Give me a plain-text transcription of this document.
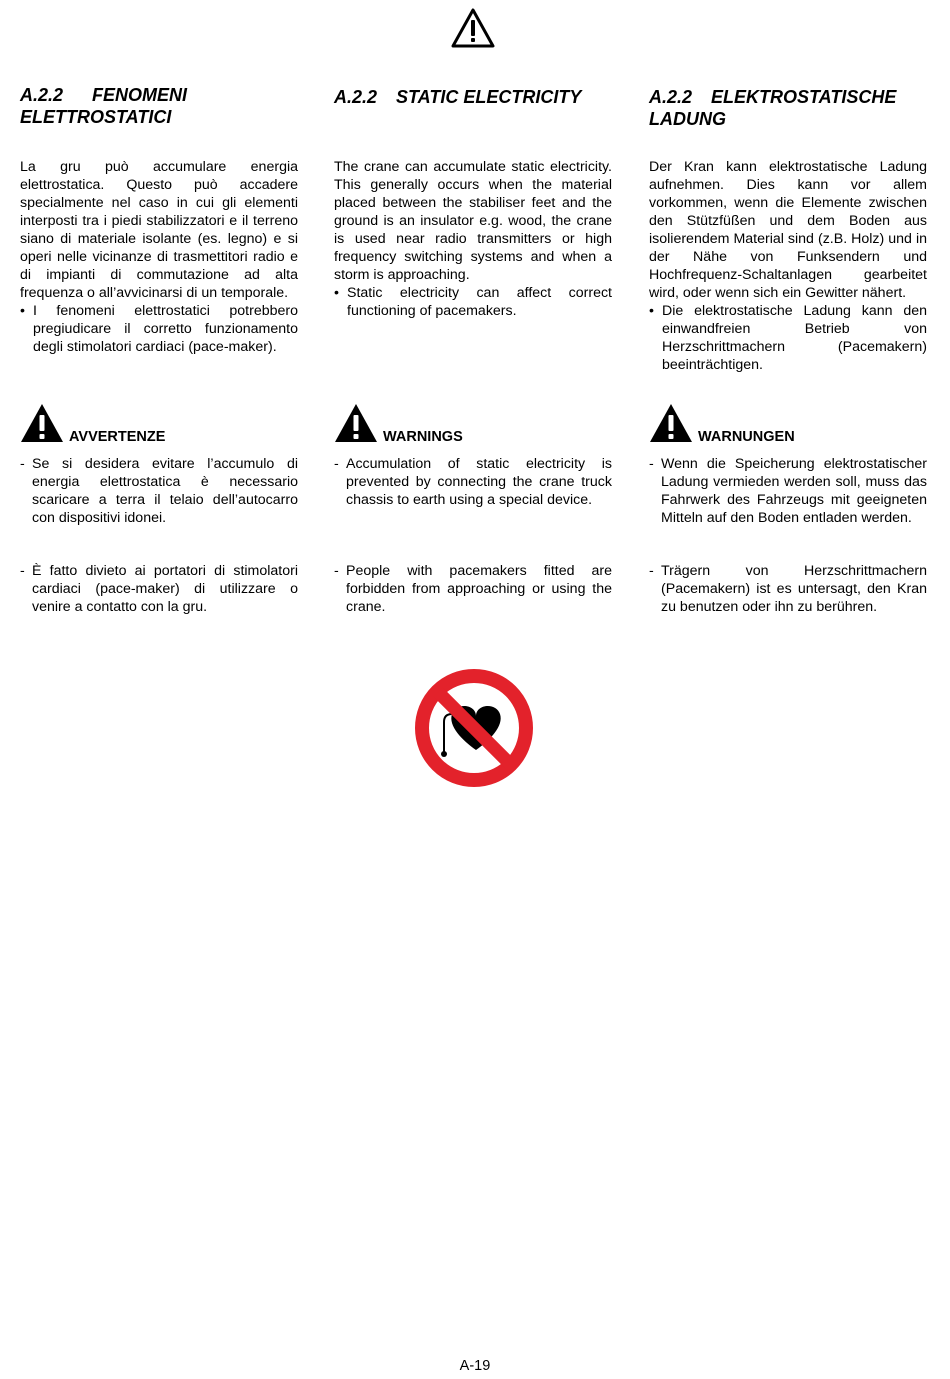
A.2.2 FENOMENI ELETTROSTATICI

La gru può accumulare energia elettrostatica. Questo può accadere specialmente nel caso in cui gli elementi interposti tra i piedi stabilizzatori e il terreno siano di materiale isolante (es. legno) e si operi nelle vicinanze di trasmettitori radio e di impianti di commutazione ad alta frequenza o all’avvicinarsi di un temporale.

• I fenomeni elettrostatici potrebbero pregiudicare il corretto funzionamento degli stimolatori cardiaci (pace-maker).

A.2.2 STATIC ELECTRICITY

The crane can accumulate static electricity. This generally occurs when the material placed between the stabiliser feet and the ground is an insulator e.g. wood, the crane is used near radio transmitters or high frequency switching systems and when a storm is approaching.

• Static electricity can affect correct functioning of pacemakers.

A.2.2 ELEKTROSTATISCHE LADUNG

Der Kran kann elektrostatische Ladung aufnehmen. Dies kann vor allem vorkommen, wenn die Elemente zwischen den Stützfüßen und dem Boden aus isolierendem Material sind (z.B. Holz) und in der Nähe von Funksendern und Hochfrequenz-Schaltanlagen gearbeitet wird, oder wenn sich ein Gewitter nähert.

• Die elektrostatische Ladung kann den einwandfreien Betrieb von Herzschrittmachern (Pacemakern) beeinträchtigen.

AVVERTENZE	WARNINGS	WARNUNGEN
- Se si desidera evitare l’accumulo di energia elettrostatica è necessario scaricare a terra il telaio dell’autocarro con dispositivi idonei.
- È fatto divieto ai portatori di stimolatori cardiaci (pace-maker) di utilizzare o venire a contatto con la gru.
- Accumulation of static electricity is prevented by connecting the crane truck chassis to earth using a special device.
- People with pacemakers fitted are forbidden from approaching or using the crane.
- Wenn die Speicherung elektrostatischer Ladung vermieden werden soll, muss das Fahrwerk des Fahrzeugs mit geeigneten Mitteln auf den Boden entladen werden.
- Trägern von Herzschrittmachern (Pacemakern) ist es untersagt, den Kran zu benutzen oder ihn zu berühren.
A-19
